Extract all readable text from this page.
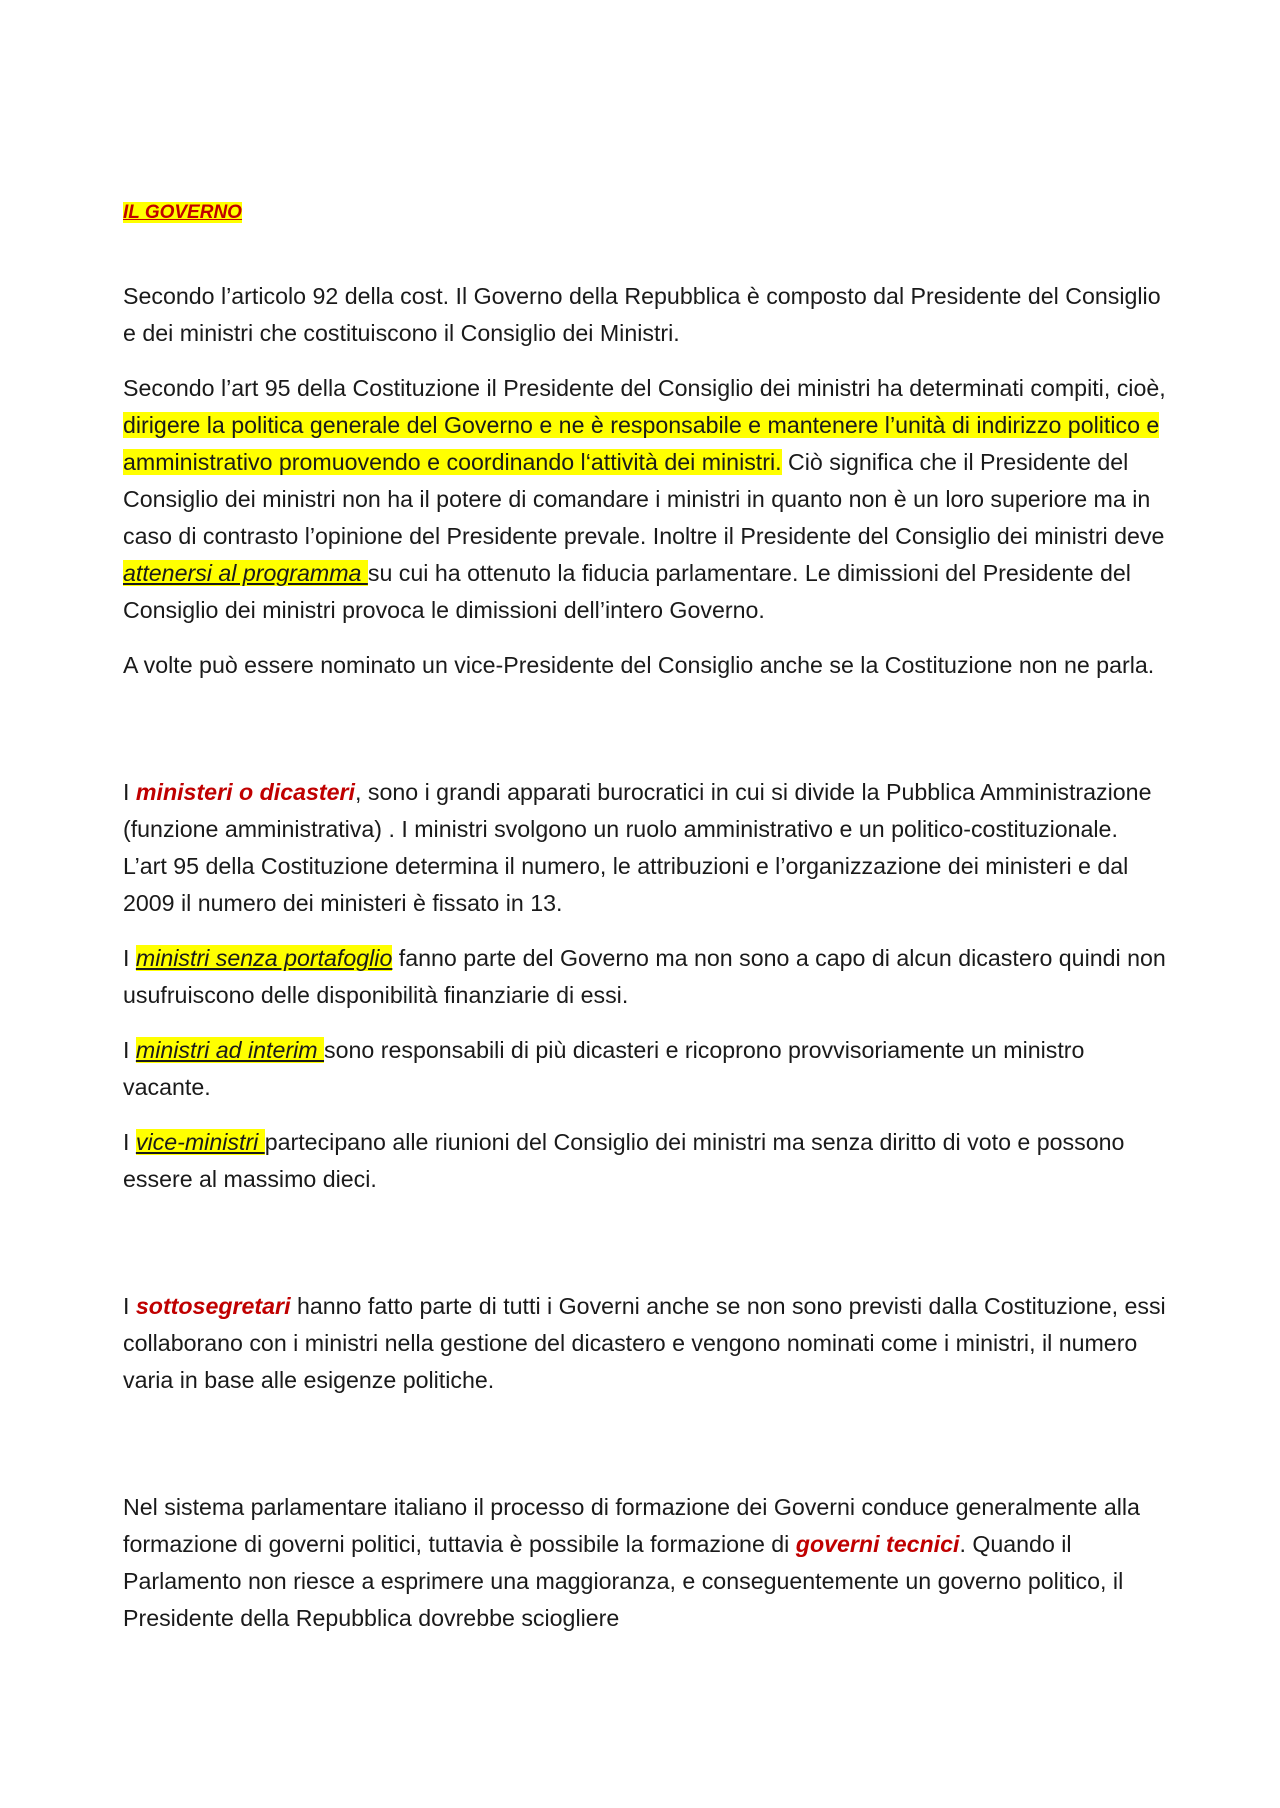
IL GOVERNO

Secondo l’articolo 92 della cost. Il Governo della Repubblica è composto dal Presidente del Consiglio e dei ministri che costituiscono il Consiglio dei Ministri.

Secondo l’art 95 della Costituzione il Presidente del Consiglio dei ministri ha determinati compiti, cioè, dirigere la politica generale del Governo e ne è responsabile e mantenere l’unità di indirizzo politico e amministrativo promuovendo e coordinando l‘attività dei ministri. Ciò significa che il Presidente del Consiglio dei ministri non ha il potere di comandare i ministri in quanto non è un loro superiore ma in caso di contrasto l’opinione del Presidente prevale. Inoltre il Presidente del Consiglio dei ministri deve attenersi al programma su cui ha ottenuto la fiducia parlamentare. Le dimissioni del Presidente del Consiglio dei ministri provoca le dimissioni dell’intero Governo.

A volte può essere nominato un vice-Presidente del Consiglio anche se la Costituzione non ne parla.

I ministeri o dicasteri, sono i grandi apparati burocratici in cui si divide la Pubblica Amministrazione (funzione amministrativa) . I ministri svolgono un ruolo amministrativo e un politico-costituzionale. L’art 95 della Costituzione determina il numero, le attribuzioni e l’organizzazione dei ministeri e dal 2009 il numero dei ministeri è fissato in 13.

I ministri senza portafoglio fanno parte del Governo ma non sono a capo di alcun dicastero quindi non usufruiscono delle disponibilità finanziarie di essi.

I ministri ad interim sono responsabili di più dicasteri e ricoprono provvisoriamente un ministro vacante.

I vice-ministri partecipano alle riunioni del Consiglio dei ministri ma senza diritto di voto e possono essere al massimo dieci.

I sottosegretari hanno fatto parte di tutti i Governi anche se non sono previsti dalla Costituzione, essi collaborano con i ministri nella gestione del dicastero e vengono nominati come i ministri, il numero varia in base alle esigenze politiche.

Nel sistema parlamentare italiano il processo di formazione dei Governi conduce generalmente alla formazione di governi politici, tuttavia è possibile la formazione di governi tecnici. Quando il Parlamento non riesce a esprimere una maggioranza, e conseguentemente un governo politico, il Presidente della Repubblica dovrebbe sciogliere
